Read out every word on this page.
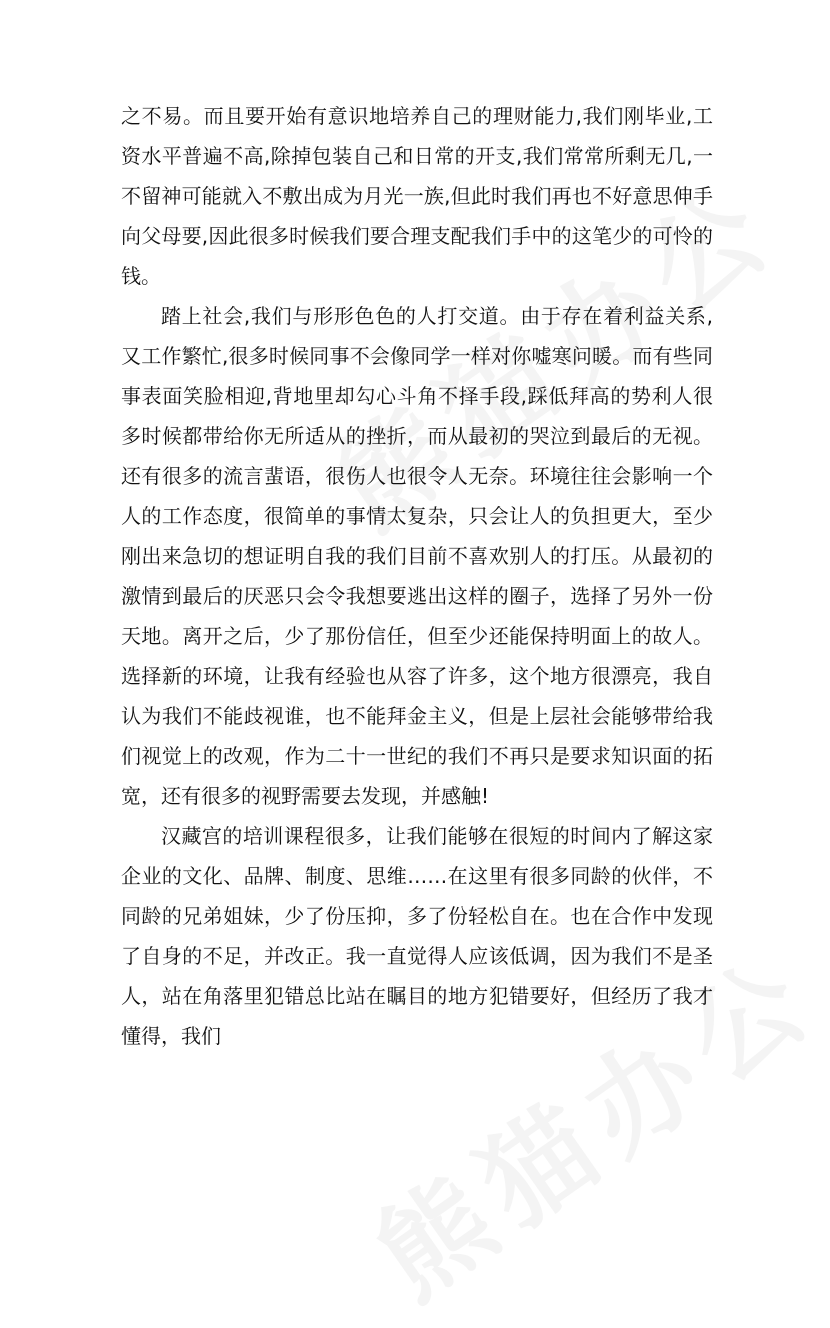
之不易。而且要开始有意识地培养自己的理财能力,我们刚毕业,工资水平普遍不高,除掉包装自己和日常的开支,我们常常所剩无几,一不留神可能就入不敷出成为月光一族,但此时我们再也不好意思伸手向父母要,因此很多时候我们要合理支配我们手中的这笔少的可怜的钱。

踏上社会,我们与形形色色的人打交道。由于存在着利益关系,又工作繁忙,很多时候同事不会像同学一样对你嘘寒问暖。而有些同事表面笑脸相迎,背地里却勾心斗角不择手段,踩低拜高的势利人很多时候都带给你无所适从的挫折，而从最初的哭泣到最后的无视。还有很多的流言蜚语，很伤人也很令人无奈。环境往往会影响一个人的工作态度，很简单的事情太复杂，只会让人的负担更大，至少刚出来急切的想证明自我的我们目前不喜欢别人的打压。从最初的激情到最后的厌恶只会令我想要逃出这样的圈子，选择了另外一份天地。离开之后，少了那份信任，但至少还能保持明面上的故人。选择新的环境，让我有经验也从容了许多，这个地方很漂亮，我自认为我们不能歧视谁，也不能拜金主义，但是上层社会能够带给我们视觉上的改观，作为二十一世纪的我们不再只是要求知识面的拓宽，还有很多的视野需要去发现，并感触!

汉藏宫的培训课程很多，让我们能够在很短的时间内了解这家企业的文化、品牌、制度、思维……在这里有很多同龄的伙伴，不同龄的兄弟姐妹，少了份压抑，多了份轻松自在。也在合作中发现了自身的不足，并改正。我一直觉得人应该低调，因为我们不是圣人，站在角落里犯错总比站在瞩目的地方犯错要好，但经历了我才懂得，我们
